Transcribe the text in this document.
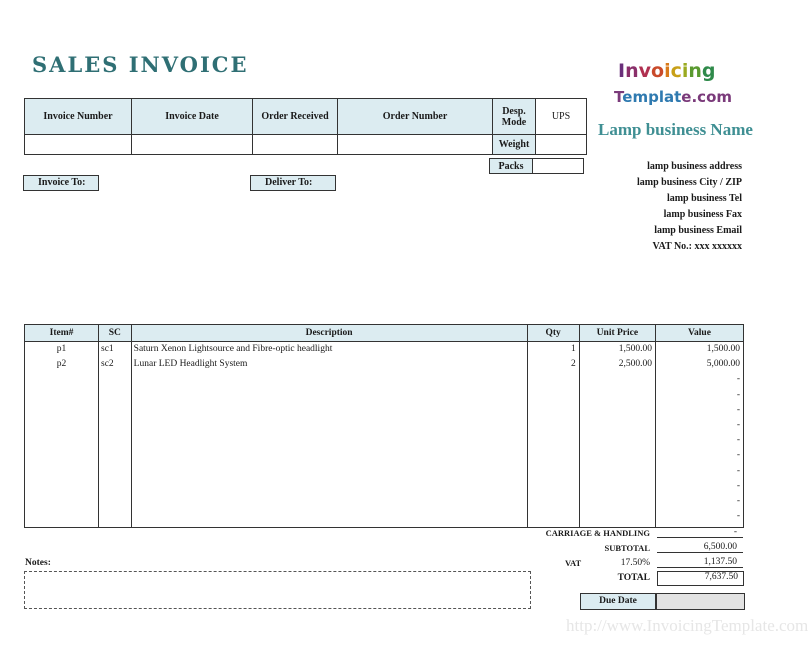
SALES INVOICE	Invoicing
Template.com
Lamp business Name
lamp business address
lamp business City / ZIP
lamp business Tel
lamp business Fax
lamp business Email
VAT No.: xxx xxxxxx
Invoice Number	Invoice Date	Order Received	Order Number	Desp. Mode	UPS
				Weight	
Packs	
Invoice To:	Deliver To:
Item#	SC	Description	Qty	Unit Price	Value
p1	sc1	Saturn Xenon Lightsource and Fibre-optic headlight	1	1,500.00	1,500.00
p2	sc2	Lunar LED Headlight System	2	2,500.00	5,000.00
					-
					-
					-
					-
					-
					-
					-
					-
					-
					-

CARRIAGE & HANDLING	-
SUBTOTAL	6,500.00
VAT	17.50%	1,137.50
TOTAL	7,637.50
Due Date
Notes:
http://www.InvoicingTemplate.com
